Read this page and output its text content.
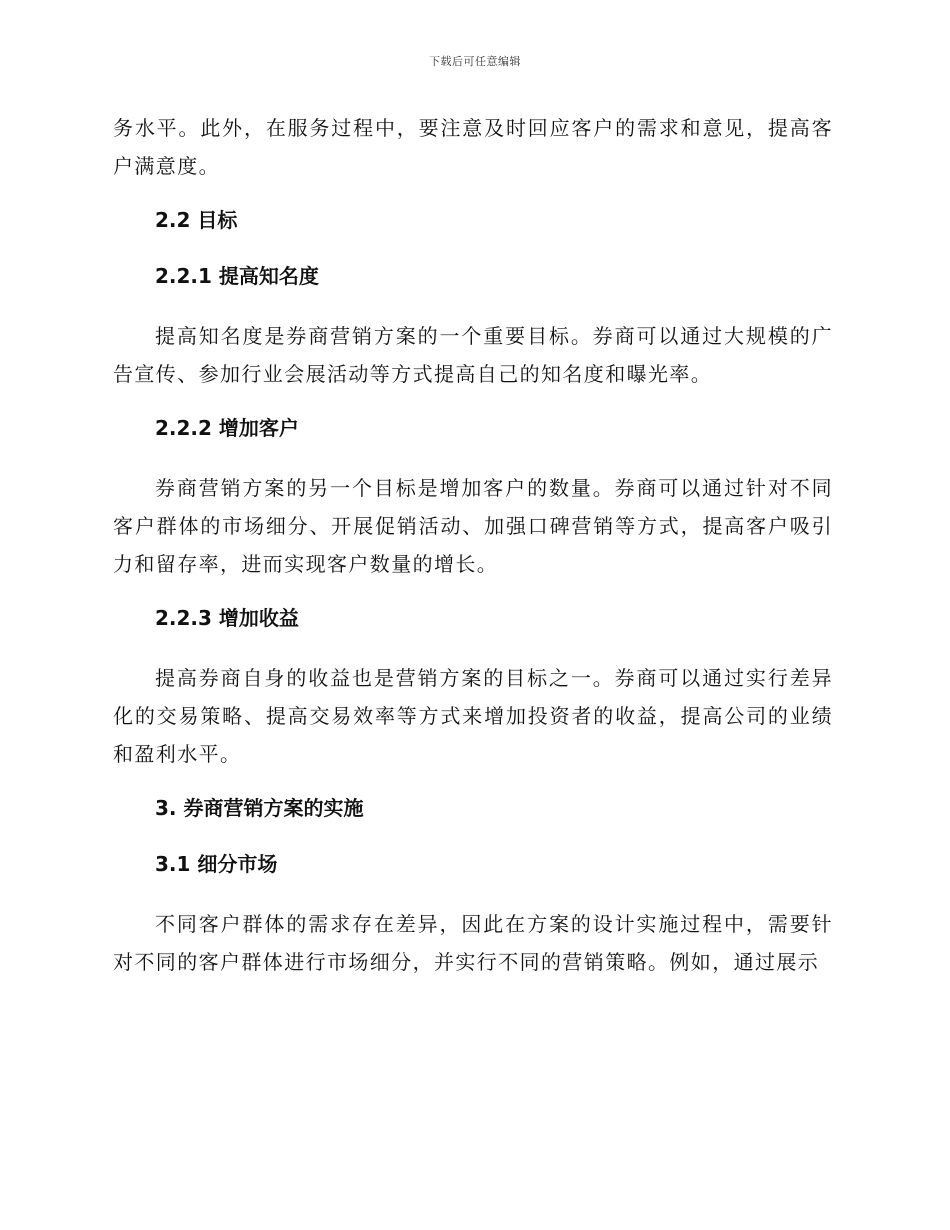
下载后可任意编辑

务水平。此外，在服务过程中，要注意及时回应客户的需求和意见，提高客户满意度。

2.2 目标
2.2.1 提高知名度

提高知名度是券商营销方案的一个重要目标。券商可以通过大规模的广告宣传、参加行业会展活动等方式提高自己的知名度和曝光率。

2.2.2 增加客户

券商营销方案的另一个目标是增加客户的数量。券商可以通过针对不同客户群体的市场细分、开展促销活动、加强口碑营销等方式，提高客户吸引力和留存率，进而实现客户数量的增长。

2.2.3 增加收益

提高券商自身的收益也是营销方案的目标之一。券商可以通过实行差异化的交易策略、提高交易效率等方式来增加投资者的收益，提高公司的业绩和盈利水平。

3. 券商营销方案的实施
3.1 细分市场

不同客户群体的需求存在差异，因此在方案的设计实施过程中，需要针对不同的客户群体进行市场细分，并实行不同的营销策略。例如，通过展示
